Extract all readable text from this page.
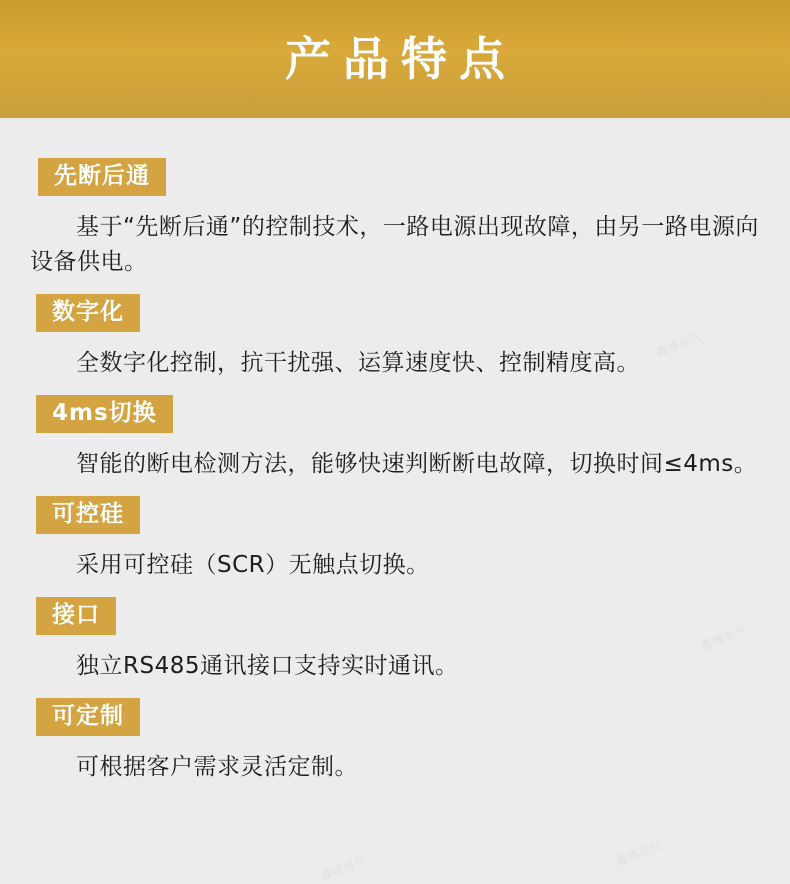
产品特点
先断后通
基于“先断后通”的控制技术，一路电源出现故障，由另一路电源向设备供电。
数字化
全数字化控制，抗干扰强、运算速度快、控制精度高。
4ms切换
智能的断电检测方法，能够快速判断断电故障，切换时间≤4ms。
可控硅
采用可控硅（SCR）无触点切换。
接口
独立RS485通讯接口支持实时通讯。
可定制
可根据客户需求灵活定制。
鑫博电气
鑫博电气
鑫博电气
鑫博电气
